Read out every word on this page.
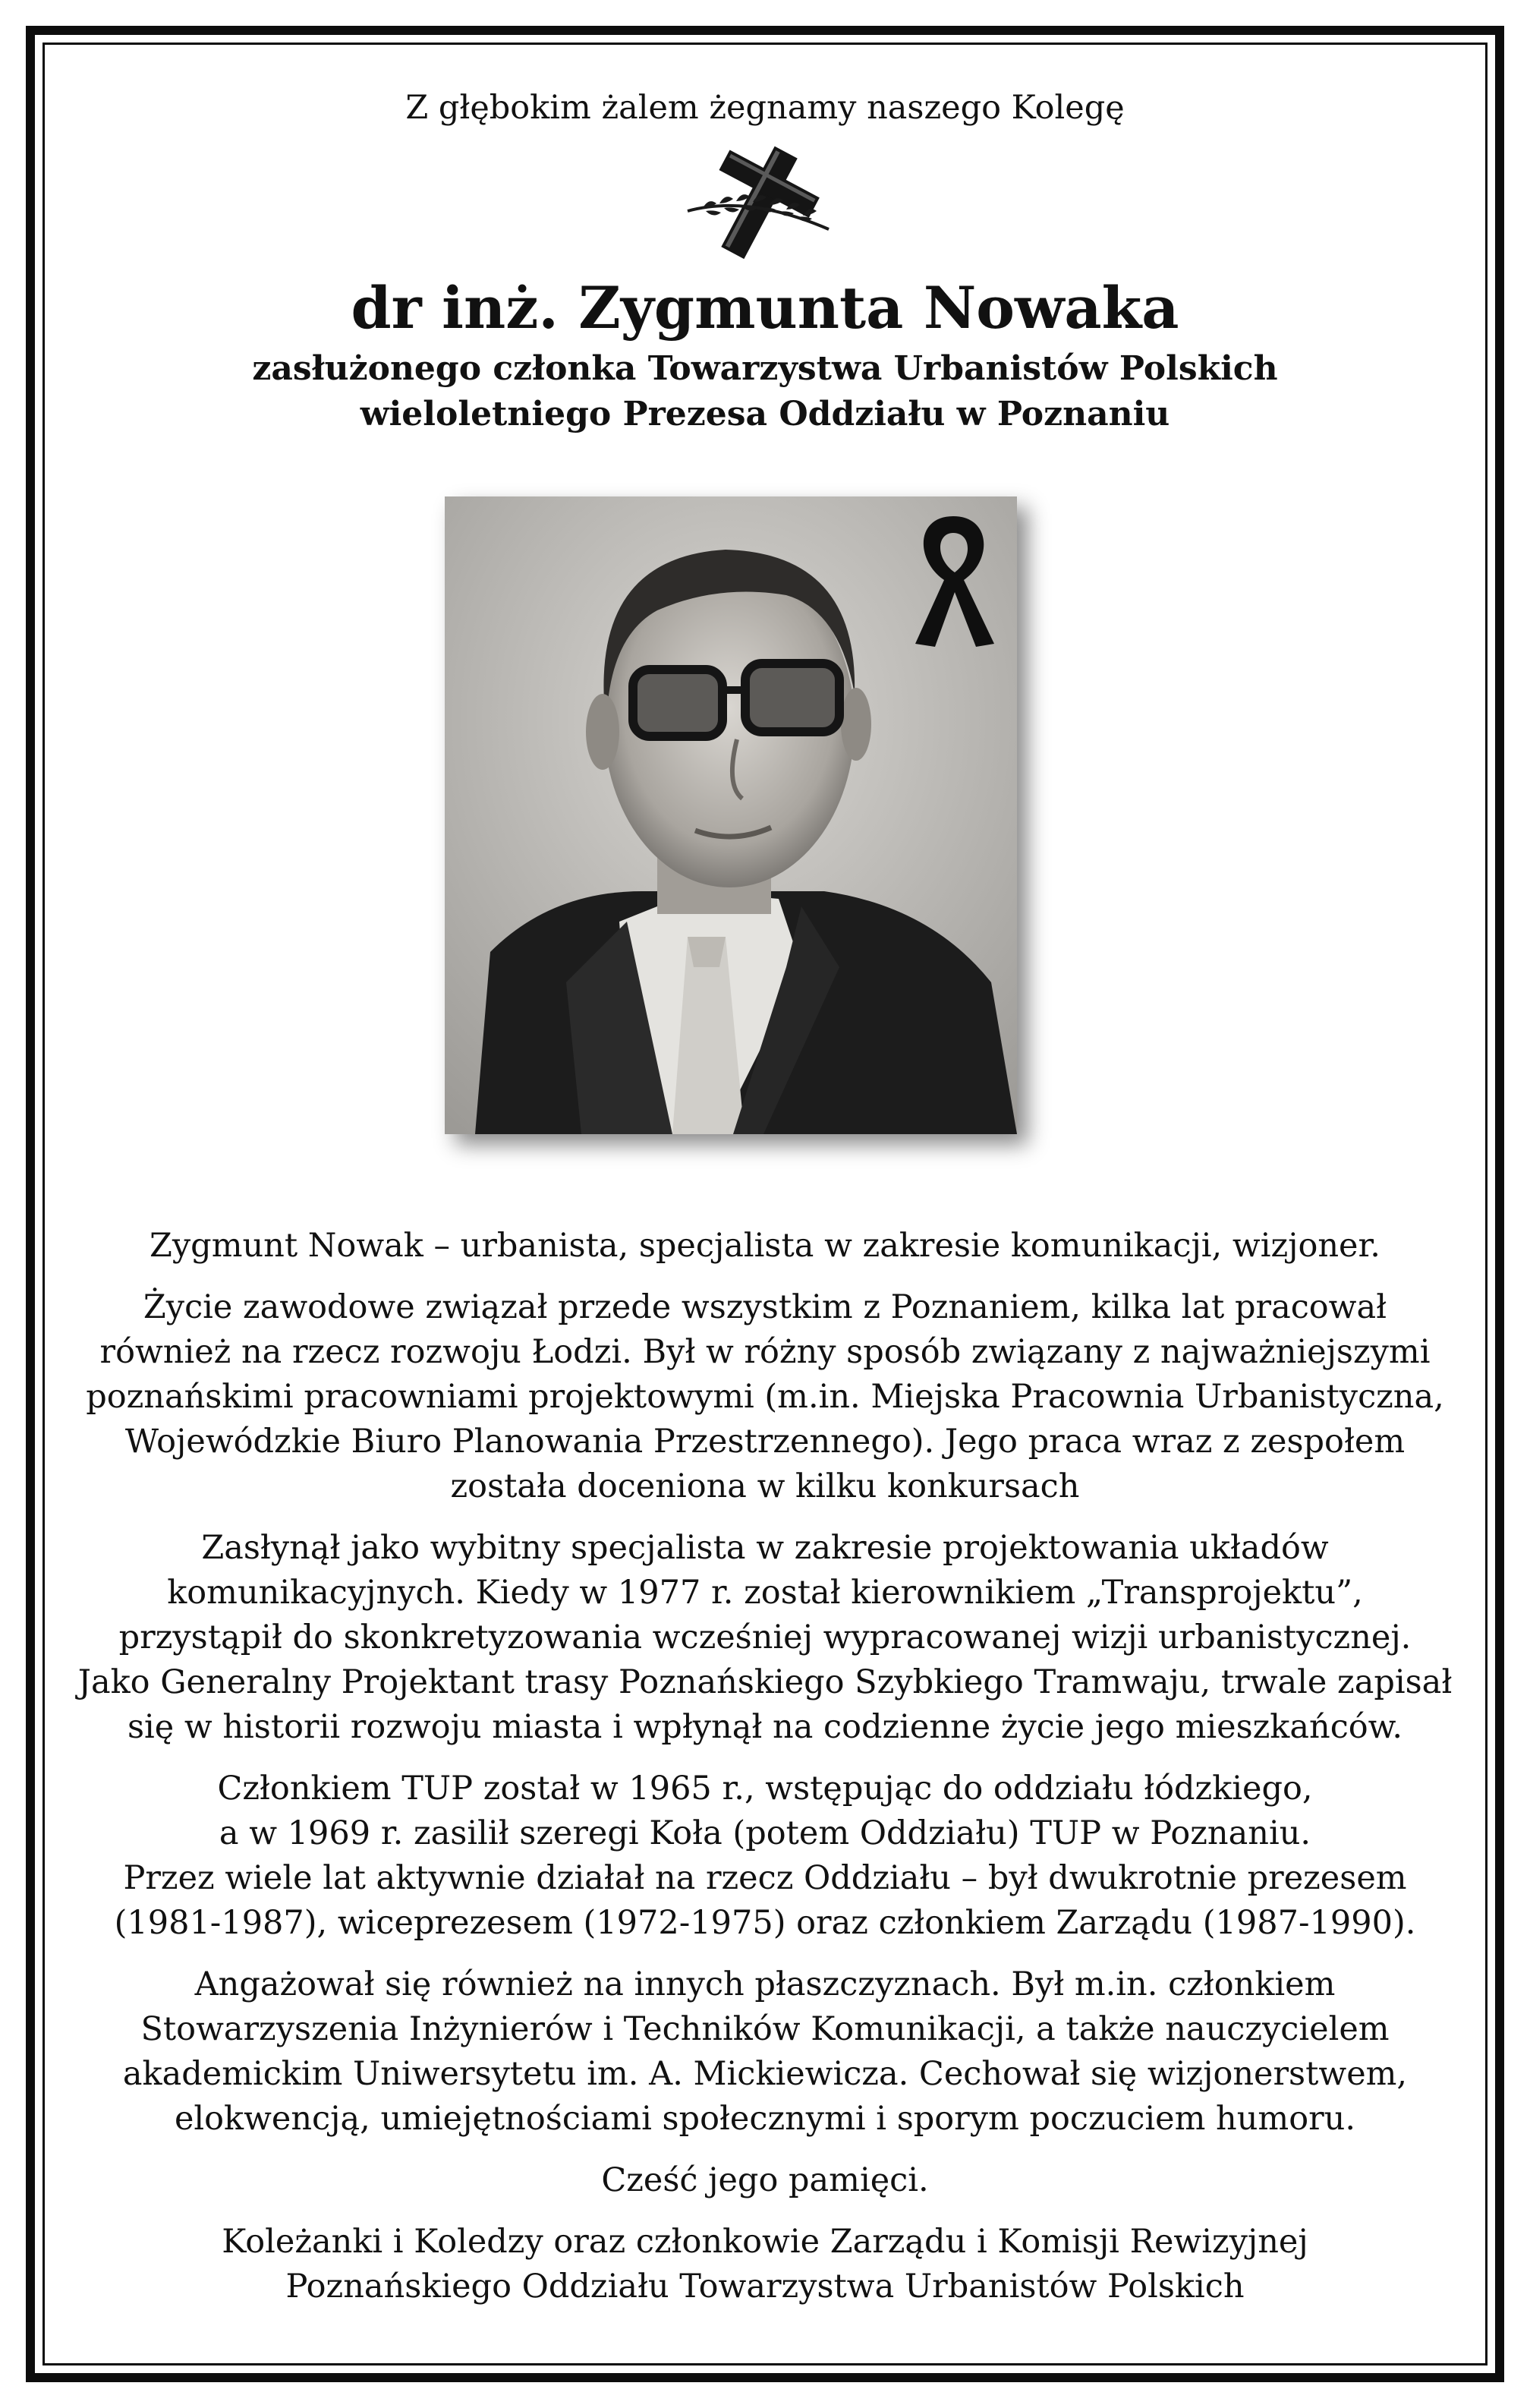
Z głębokim żalem żegnamy naszego Kolegę
dr inż. Zygmunta Nowaka
zasłużonego członka Towarzystwa Urbanistów Polskich
wieloletniego Prezesa Oddziału w Poznaniu

Zygmunt Nowak – urbanista, specjalista w zakresie komunikacji, wizjoner.

Życie zawodowe związał przede wszystkim z Poznaniem, kilka lat pracował
również na rzecz rozwoju Łodzi. Był w różny sposób związany z najważniejszymi
poznańskimi pracowniami projektowymi (m.in. Miejska Pracownia Urbanistyczna,
Wojewódzkie Biuro Planowania Przestrzennego). Jego praca wraz z zespołem
została doceniona w kilku konkursach

Zasłynął jako wybitny specjalista w zakresie projektowania układów
komunikacyjnych. Kiedy w 1977 r. został kierownikiem „Transprojektu”,
przystąpił do skonkretyzowania wcześniej wypracowanej wizji urbanistycznej.
Jako Generalny Projektant trasy Poznańskiego Szybkiego Tramwaju, trwale zapisał
się w historii rozwoju miasta i wpłynął na codzienne życie jego mieszkańców.

Członkiem TUP został w 1965 r., wstępując do oddziału łódzkiego,
a w 1969 r. zasilił szeregi Koła (potem Oddziału) TUP w Poznaniu.
Przez wiele lat aktywnie działał na rzecz Oddziału – był dwukrotnie prezesem
(1981-1987), wiceprezesem (1972-1975) oraz członkiem Zarządu (1987-1990).

Angażował się również na innych płaszczyznach. Był m.in. członkiem
Stowarzyszenia Inżynierów i Techników Komunikacji, a także nauczycielem
akademickim Uniwersytetu im. A. Mickiewicza. Cechował się wizjonerstwem,
elokwencją, umiejętnościami społecznymi i sporym poczuciem humoru.

Cześć jego pamięci.

Koleżanki i Koledzy oraz członkowie Zarządu i Komisji Rewizyjnej
Poznańskiego Oddziału Towarzystwa Urbanistów Polskich
